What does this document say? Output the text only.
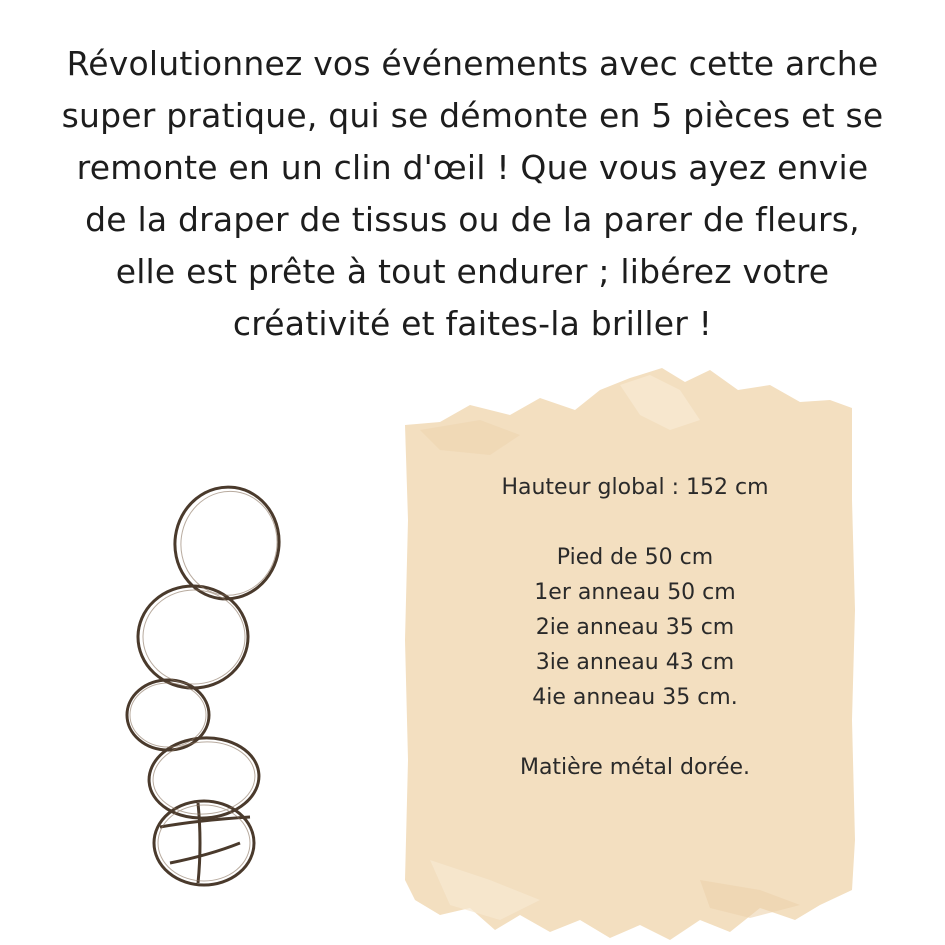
Révolutionnez vos événements avec cette arche super pratique, qui se démonte en 5 pièces et se remonte en un clin d'œil ! Que vous ayez envie de la draper de tissus ou de la parer de fleurs, elle est prête à tout endurer ; libérez votre créativité et faites-la briller !

Hauteur global : 152 cm
Pied de 50 cm
1er anneau 50 cm
2ie anneau 35 cm
3ie anneau 43 cm
4ie anneau 35 cm.
Matière métal dorée.
